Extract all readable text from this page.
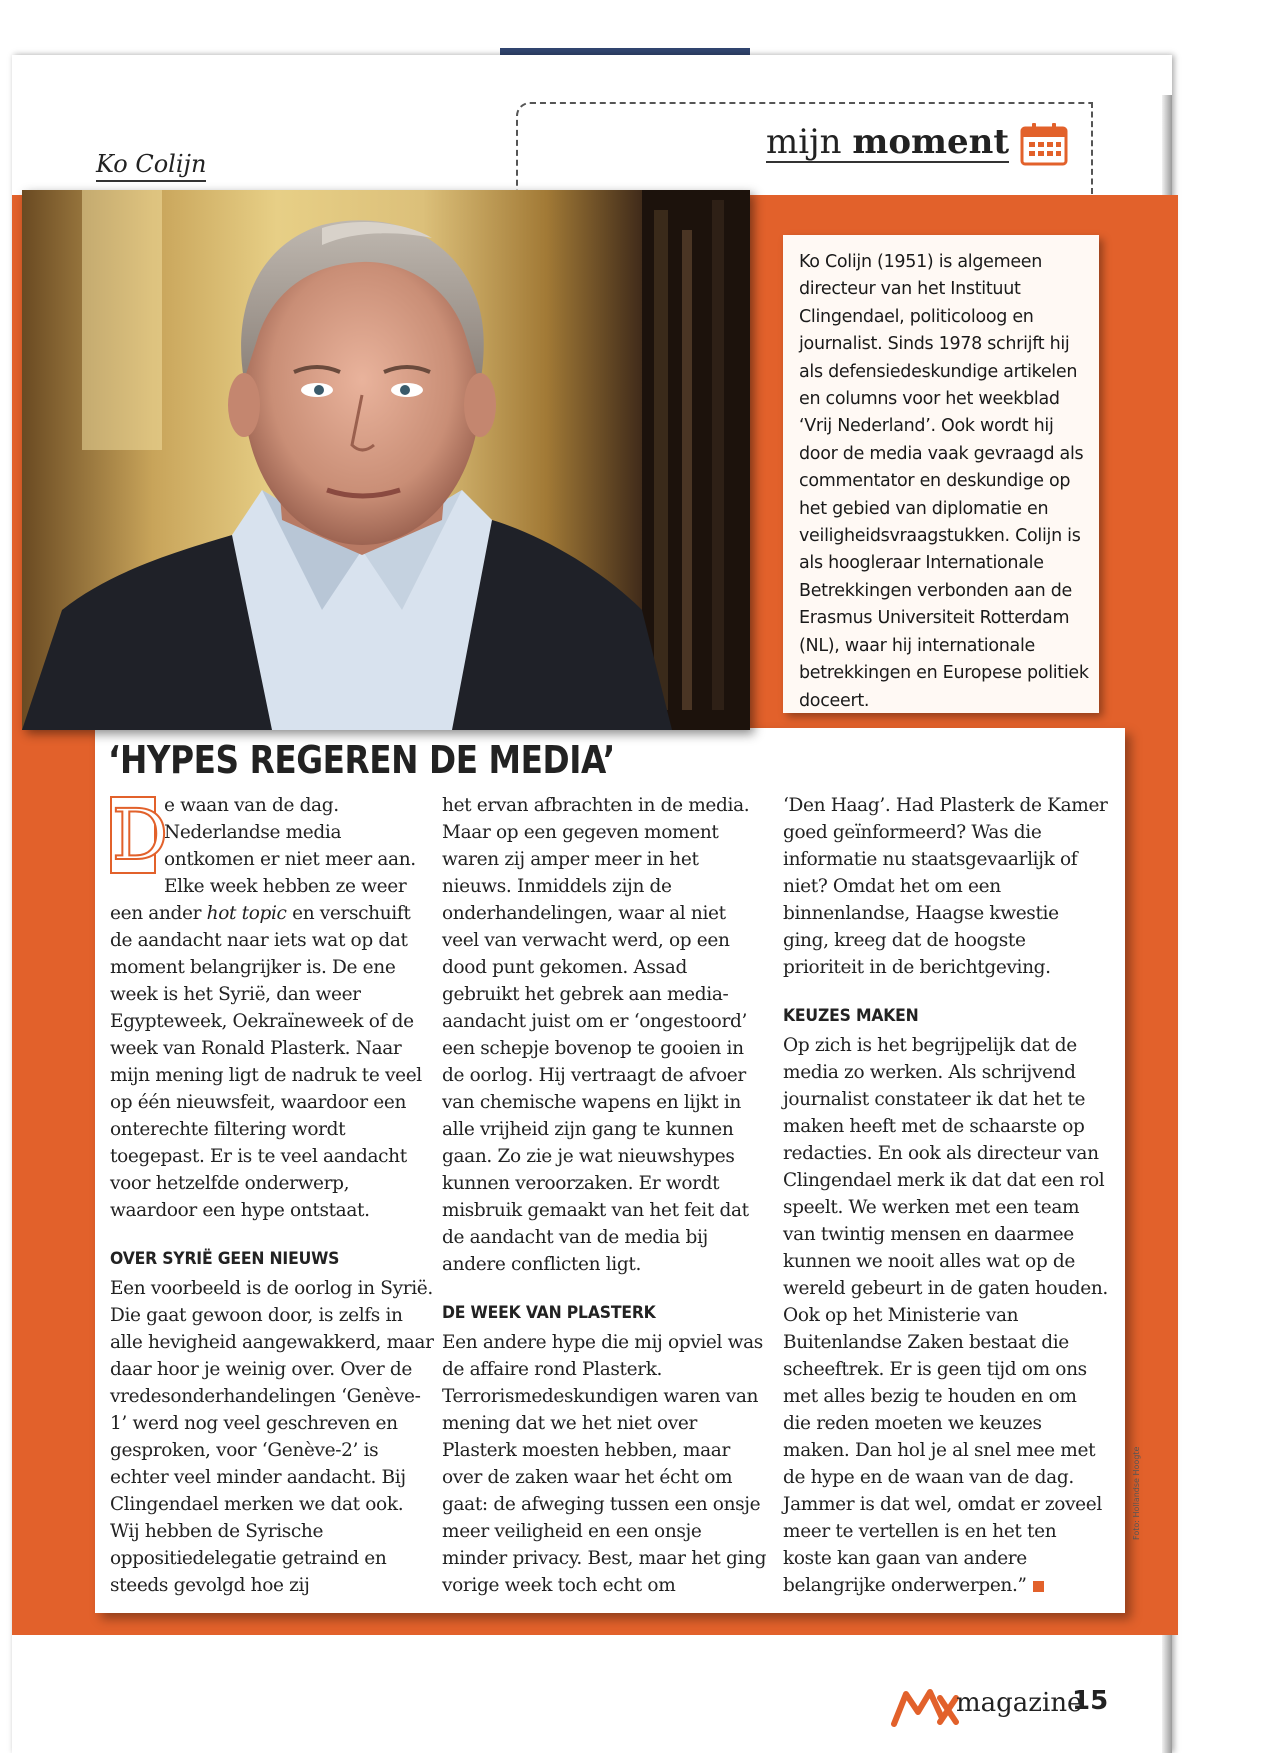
Ko Colijn
mijn moment
Ko Colijn (1951) is algemeen directeur van het Instituut Clingendael, politicoloog en journalist. Sinds 1978 schrijft hij als defensiedeskundige artikelen en columns voor het weekblad ‘Vrij Nederland’. Ook wordt hij door de media vaak gevraagd als commentator en deskundige op het gebied van diplomatie en veiligheidsvraagstukken. Colijn is als hoogleraar Internationale Betrekkingen verbonden aan de Erasmus Universiteit Rotterdam (NL), waar hij internationale betrekkingen en Europese politiek doceert.
‘HYPES REGEREN DE MEDIA’

D
e waan van de dag. Nederlandse media ontkomen er niet meer aan. Elke week hebben ze weer een ander hot topic en verschuift de aandacht naar iets wat op dat moment belangrijker is. De ene week is het Syrië, dan weer Egypteweek, Oekraïneweek of de week van Ronald Plasterk. Naar mijn mening ligt de nadruk te veel op één nieuwsfeit, waardoor een onterechte filtering wordt toegepast. Er is te veel aandacht voor hetzelfde onderwerp, waardoor een hype ontstaat.

OVER SYRIË GEEN NIEUWS

Een voorbeeld is de oorlog in Syrië. Die gaat gewoon door, is zelfs in alle hevigheid aangewakkerd, maar daar hoor je weinig over. Over de vredesonderhandelingen ‘Genève-1’ werd nog veel geschreven en gesproken, voor ‘Genève-2’ is echter veel minder aandacht. Bij Clingendael merken we dat ook. Wij hebben de Syrische oppositiedelegatie getraind en steeds gevolgd hoe zij

het ervan afbrachten in de media. Maar op een gegeven moment waren zij amper meer in het nieuws. Inmiddels zijn de onderhandelingen, waar al niet veel van verwacht werd, op een dood punt gekomen. Assad gebruikt het gebrek aan media-aandacht juist om er ‘ongestoord’ een schepje bovenop te gooien in de oorlog. Hij vertraagt de afvoer van chemische wapens en lijkt in alle vrijheid zijn gang te kunnen gaan. Zo zie je wat nieuwshypes kunnen veroorzaken. Er wordt misbruik gemaakt van het feit dat de aandacht van de media bij andere conflicten ligt.

DE WEEK VAN PLASTERK

Een andere hype die mij opviel was de affaire rond Plasterk. Terrorismedeskundigen waren van mening dat we het niet over Plasterk moesten hebben, maar over de zaken waar het écht om gaat: de afweging tussen een onsje meer veiligheid en een onsje minder privacy. Best, maar het ging vorige week toch echt om

‘Den Haag’. Had Plasterk de Kamer goed geïnformeerd? Was die informatie nu staatsgevaarlijk of niet? Omdat het om een binnenlandse, Haagse kwestie ging, kreeg dat de hoogste prioriteit in de berichtgeving.

KEUZES MAKEN

Op zich is het begrijpelijk dat de media zo werken. Als schrijvend journalist constateer ik dat het te maken heeft met de schaarste op redacties. En ook als directeur van Clingendael merk ik dat dat een rol speelt. We werken met een team van twintig mensen en daarmee kunnen we nooit alles wat op de wereld gebeurt in de gaten houden. Ook op het Ministerie van Buitenlandse Zaken bestaat die scheeftrek. Er is geen tijd om ons met alles bezig te houden en om die reden moeten we keuzes maken. Dan hol je al snel mee met de hype en de waan van de dag. Jammer is dat wel, omdat er zoveel meer te vertellen is en het ten koste kan gaan van andere belangrijke onderwerpen.”

Foto: Hollandse Hoogte
magazine
15
